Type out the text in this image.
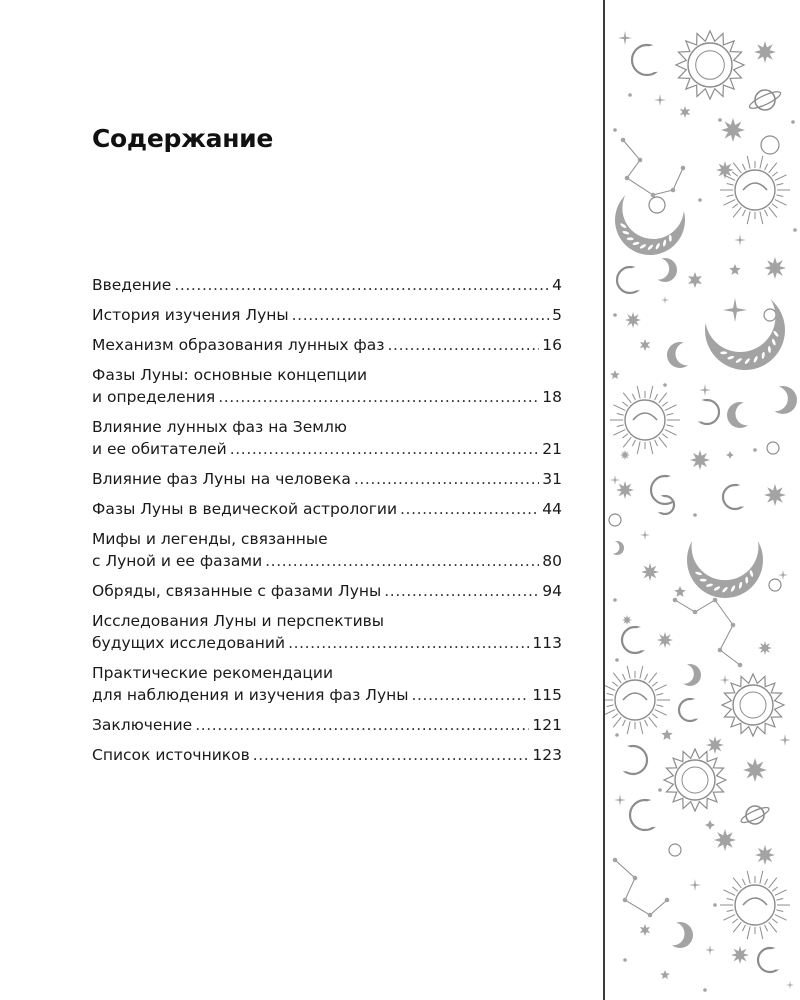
Содержание
Введение .....	4
История изучения Луны .....	5
Механизм образования лунных фаз .....	16
Фазы Луны: основные концепции
и определения .....	18
Влияние лунных фаз на Землю
и ее обитателей .....	21
Влияние фаз Луны на человека .....	31
Фазы Луны в ведической астрологии .....	44
Мифы и легенды, связанные
с Луной и ее фазами .....	80
Обряды, связанные с фазами Луны .....	94
Исследования Луны и перспективы
будущих исследований .....	113
Практические рекомендации
для наблюдения и изучения фаз Луны .....	115
Заключение .....	121
Список источников .....	123
